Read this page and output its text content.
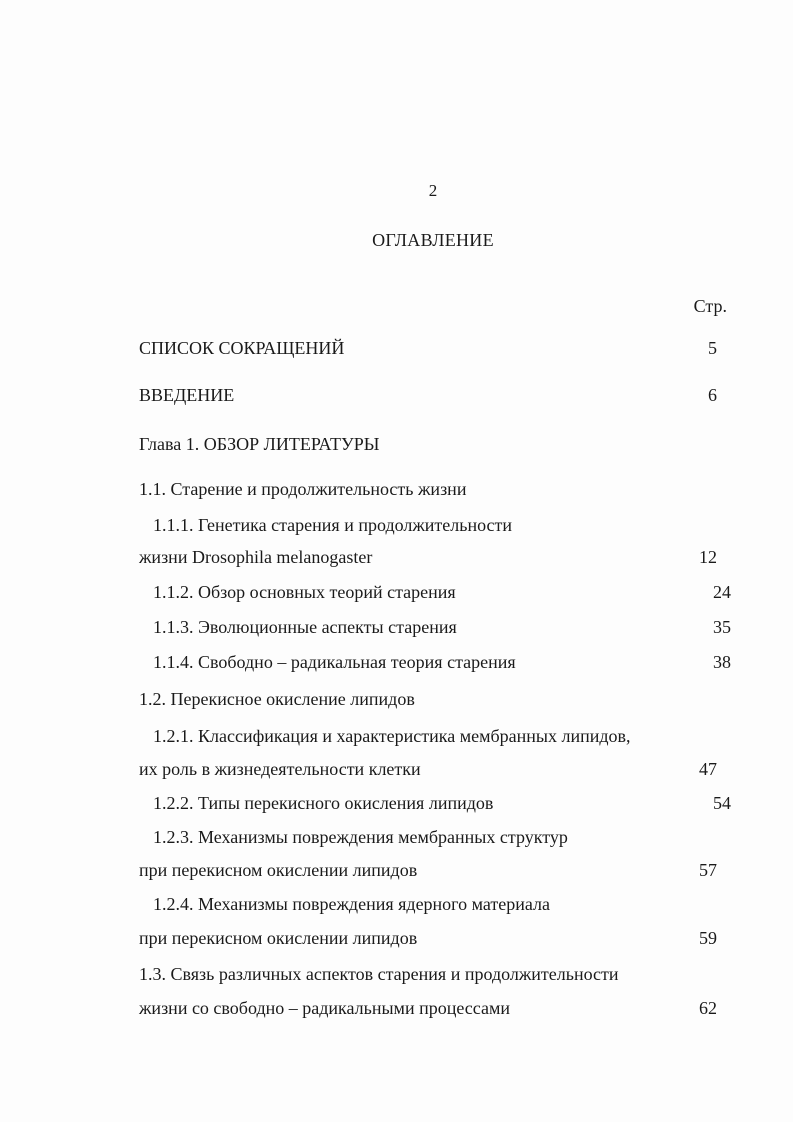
2
ОГЛАВЛЕНИЕ
Стр.
СПИСОК СОКРАЩЕНИЙ	5
ВВЕДЕНИЕ	6
Глава 1. ОБЗОР ЛИТЕРАТУРЫ
1.1. Старение и продолжительность жизни
1.1.1. Генетика старения и продолжительности
жизни Drosophila melanogaster	12
1.1.2. Обзор основных теорий старения	24
1.1.3. Эволюционные аспекты старения	35
1.1.4. Свободно – радикальная теория старения	38
1.2. Перекисное окисление липидов
1.2.1. Классификация и характеристика мембранных липидов,
их роль в жизнедеятельности клетки	47
1.2.2. Типы перекисного окисления липидов	54
1.2.3. Механизмы повреждения мембранных структур
при перекисном окислении липидов	57
1.2.4. Механизмы повреждения ядерного материала
при перекисном окислении липидов	59
1.3. Связь различных аспектов старения и продолжительности
жизни со свободно – радикальными процессами	62
